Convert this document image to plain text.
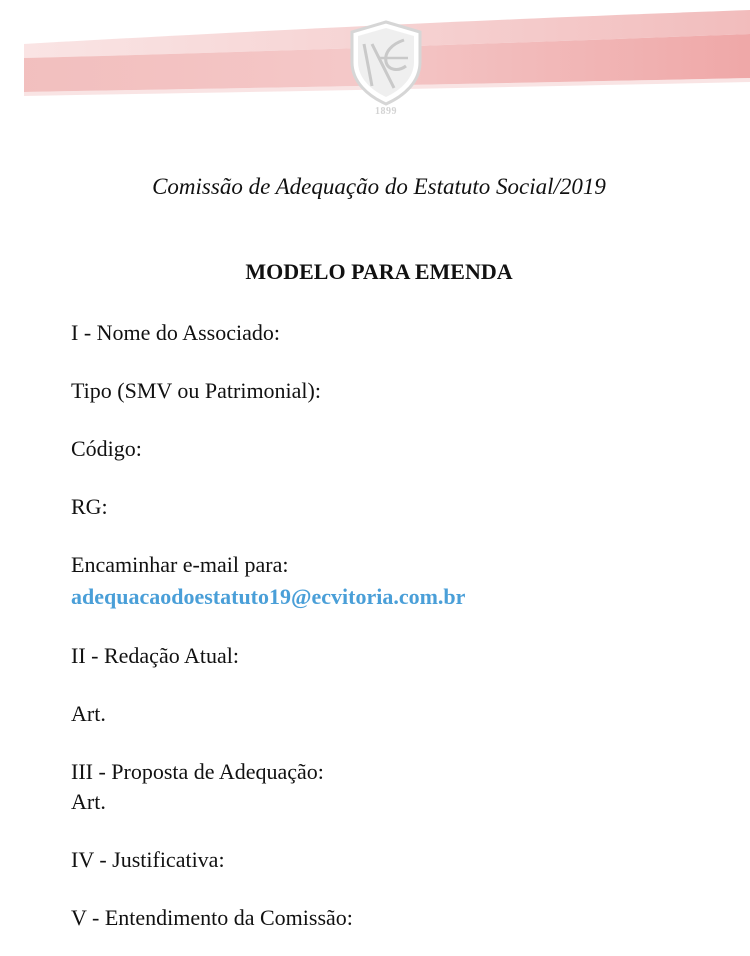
1899
Comissão de Adequação do Estatuto Social/2019
MODELO PARA EMENDA
I - Nome do Associado:
Tipo (SMV ou Patrimonial):
Código:
RG:
Encaminhar e-mail para:
adequacaodoestatuto19@ecvitoria.com.br
II - Redação Atual:
Art.
III - Proposta de Adequação:
Art.
IV - Justificativa:
V - Entendimento da Comissão:
